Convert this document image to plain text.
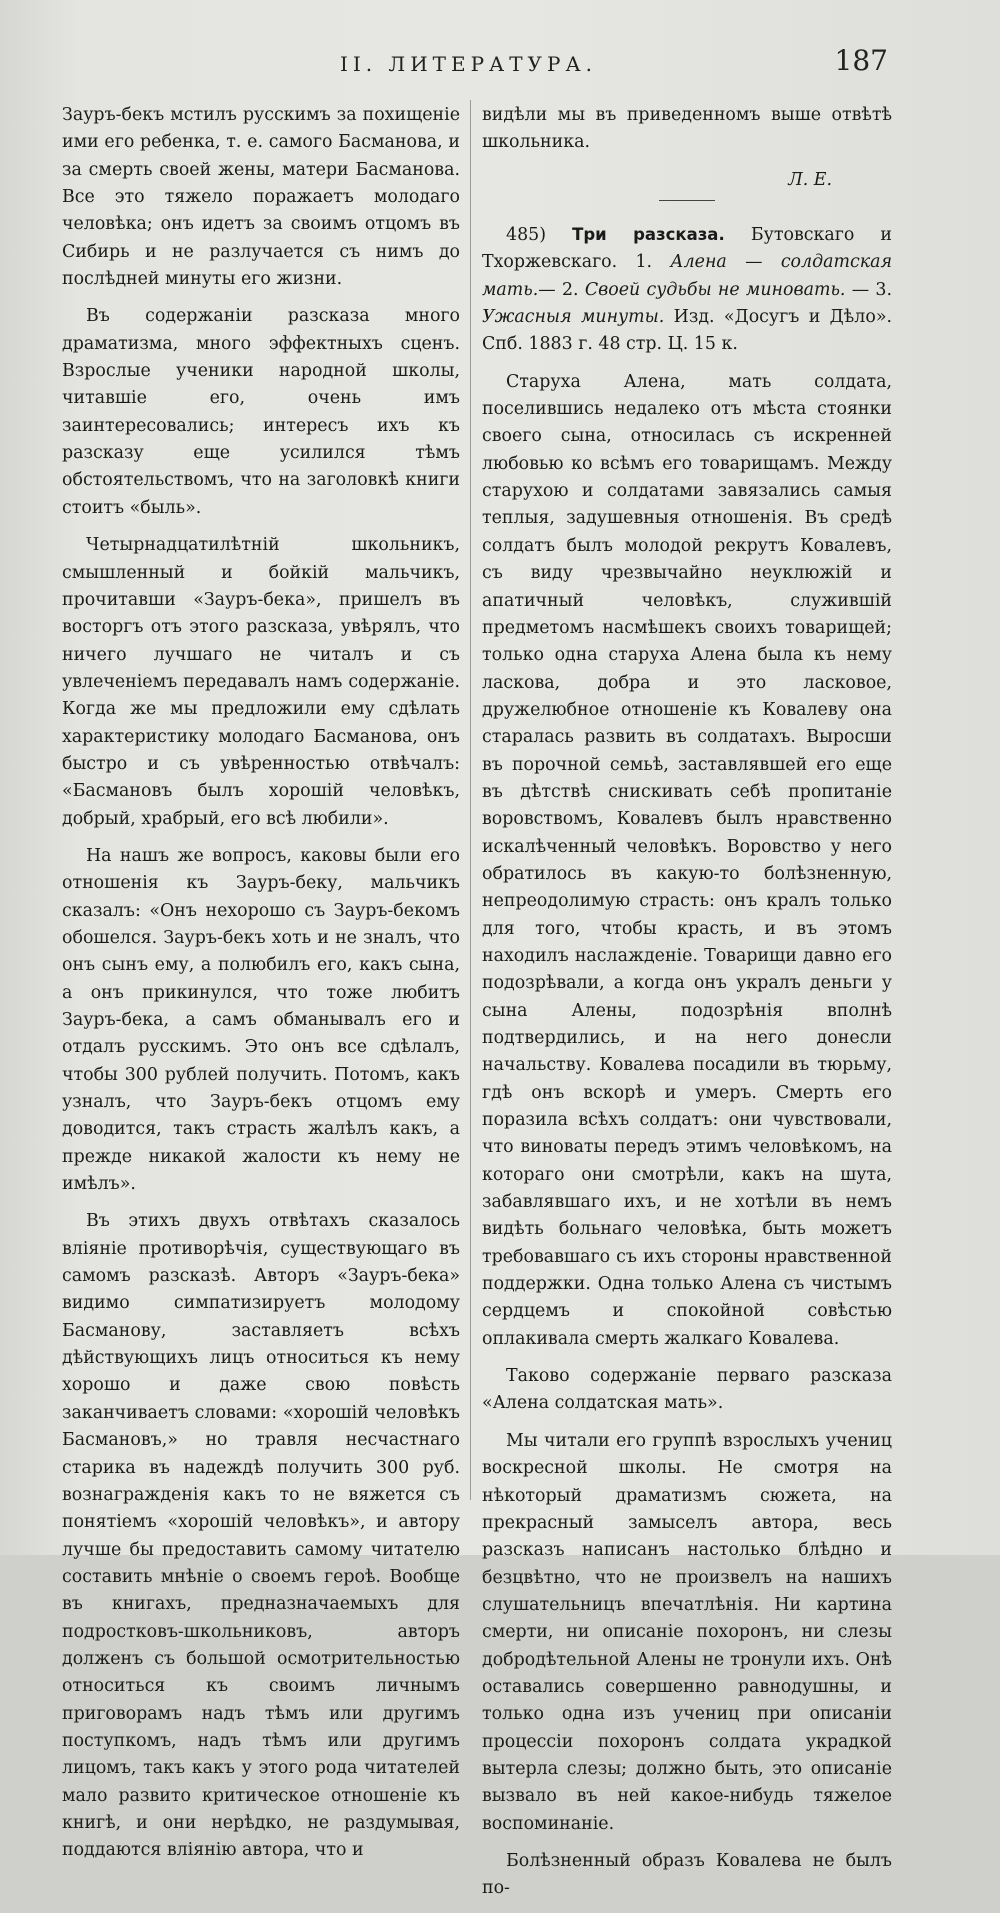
II. ЛИТЕРАТУРА.	187

Зауръ-бекъ мстилъ русскимъ за похищеніе ими его ребенка, т. е. самого Басманова, и за смерть своей жены, матери Басманова. Все это тяжело поражаетъ молодаго человѣка; онъ идетъ за своимъ отцомъ въ Сибирь и не разлучается съ нимъ до послѣдней минуты его жизни.

Въ содержаніи разсказа много драматизма, много эффектныхъ сценъ. Взрослые ученики народной школы, читавшіе его, очень имъ заинтересовались; интересъ ихъ къ разсказу еще усилился тѣмъ обстоятельствомъ, что на заголовкѣ книги стоитъ «быль».

Четырнадцатилѣтній школьникъ, смышленный и бойкій мальчикъ, прочитавши «Зауръ-бека», пришелъ въ восторгъ отъ этого разсказа, увѣрялъ, что ничего лучшаго не читалъ и съ увлеченіемъ передавалъ намъ содержаніе. Когда же мы предложили ему сдѣлать характеристику молодаго Басманова, онъ быстро и съ увѣренностью отвѣчалъ: «Басмановъ былъ хорошій человѣкъ, добрый, храбрый, его всѣ любили».

На нашъ же вопросъ, каковы были его отношенія къ Зауръ-беку, мальчикъ сказалъ: «Онъ нехорошо съ Зауръ-бекомъ обошелся. Зауръ-бекъ хоть и не зналъ, что онъ сынъ ему, а полюбилъ его, какъ сына, а онъ прикинулся, что тоже любитъ Зауръ-бека, а самъ обманывалъ его и отдалъ русскимъ. Это онъ все сдѣлалъ, чтобы 300 рублей получить. Потомъ, какъ узналъ, что Зауръ-бекъ отцомъ ему доводится, такъ страсть жалѣлъ какъ, а прежде никакой жалости къ нему не имѣлъ».

Въ этихъ двухъ отвѣтахъ сказалось вліяніе противорѣчія, существующаго въ самомъ разсказѣ. Авторъ «Зауръ-бека» видимо симпатизируетъ молодому Басманову, заставляетъ всѣхъ дѣйствующихъ лицъ относиться къ нему хорошо и даже свою повѣсть заканчиваетъ словами: «хорошій человѣкъ Басмановъ,» но травля несчастнаго старика въ надеждѣ получить 300 руб. вознагражденія какъ то не вяжется съ понятіемъ «хорошій человѣкъ», и автору лучше бы предоставить самому читателю составить мнѣніе о своемъ героѣ. Вообще въ книгахъ, предназначаемыхъ для подростковъ-школьниковъ, авторъ долженъ съ большой осмотрительностью относиться къ своимъ личнымъ приговорамъ надъ тѣмъ или другимъ поступкомъ, надъ тѣмъ или другимъ лицомъ, такъ какъ у этого рода читателей мало развито критическое отношеніе къ книгѣ, и они нерѣдко, не раздумывая, поддаются вліянію автора, что и

видѣли мы въ приведенномъ выше отвѣтѣ школьника.

Л. Е.

485) Три разсказа. Бутовскаго и Тхоржевскаго. 1. Алена — солдатская мать.— 2. Своей судьбы не миновать. — 3. Ужасныя минуты. Изд. «Досугъ и Дѣло». Спб. 1883 г. 48 стр. Ц. 15 к.

Старуха Алена, мать солдата, поселившись недалеко отъ мѣста стоянки своего сына, относилась съ искренней любовью ко всѣмъ его товарищамъ. Между старухою и солдатами завязались самыя теплыя, задушевныя отношенія. Въ средѣ солдатъ былъ молодой рекрутъ Ковалевъ, съ виду чрезвычайно неуклюжій и апатичный человѣкъ, служившій предметомъ насмѣшекъ своихъ товарищей; только одна старуха Алена была къ нему ласкова, добра и это ласковое, дружелюбное отношеніе къ Ковалеву она старалась развить въ солдатахъ. Выросши въ порочной семьѣ, заставлявшей его еще въ дѣтствѣ снискивать себѣ пропитаніе воровствомъ, Ковалевъ былъ нравственно искалѣченный человѣкъ. Воровство у него обратилось въ какую-то болѣзненную, непреодолимую страсть: онъ кралъ только для того, чтобы красть, и въ этомъ находилъ наслажденіе. Товарищи давно его подозрѣвали, а когда онъ укралъ деньги у сына Алены, подозрѣнія вполнѣ подтвердились, и на него донесли начальству. Ковалева посадили въ тюрьму, гдѣ онъ вскорѣ и умеръ. Смерть его поразила всѣхъ солдатъ: они чувствовали, что виноваты передъ этимъ человѣкомъ, на котораго они смотрѣли, какъ на шута, забавлявшаго ихъ, и не хотѣли въ немъ видѣть больнаго человѣка, быть можетъ требовавшаго съ ихъ стороны нравственной поддержки. Одна только Алена съ чистымъ сердцемъ и спокойной совѣстью оплакивала смерть жалкаго Ковалева.

Таково содержаніе перваго разсказа «Алена солдатская мать».

Мы читали его группѣ взрослыхъ учениц воскресной школы. Не смотря на нѣкоторый драматизмъ сюжета, на прекрасный замыселъ автора, весь разсказъ написанъ настолько блѣдно и безцвѣтно, что не произвелъ на нашихъ слушательницъ впечатлѣнія. Ни картина смерти, ни описаніе похоронъ, ни слезы добродѣтельной Алены не тронули ихъ. Онѣ оставались совершенно равнодушны, и только одна изъ учениц при описаніи процессіи похоронъ солдата украдкой вытерла слезы; должно быть, это описаніе вызвало въ ней какое-нибудь тяжелое воспоминаніе.

Болѣзненный образъ Ковалева не былъ по-
